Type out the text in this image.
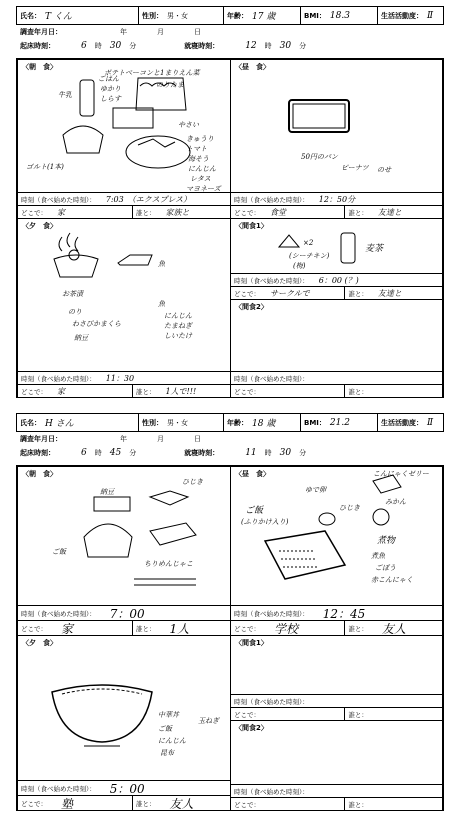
氏名： T くん	性別： 男・女	年齢： 17 歳	BMI： 18.3	生活活動度： Ⅱ
調査年月日：	年	月	日
起床時刻：	6 時 30 分	就寝時刻：	12 時 30 分
〈朝　食〉
ポテトベーコンと1まりえん菜
のりたま
牛乳
ごはん
ゆかり
しらす
やさい
きゅうり
トマト
海そう
にんじん
レタス
マヨネーズ
ゴルト(1本)
時刻（食べ始めた時刻）： 7:03　（エクスプレス）
どこで： 家	誰と： 家族と
〈昼　食〉
50円のパン
ピーナツ のせ
時刻（食べ始めた時刻）： 12：50分
どこで： 食堂	誰と： 友達と
〈夕　食〉
お茶漬
のり
わさびかまくら
納豆
魚
魚
にんじん
たまねぎ
しいたけ
時刻（食べ始めた時刻）： 11：30
どこで： 家	誰と： 1人で!!!
〈間食1〉
×2
(シーチキン)
(梅)
麦茶
時刻（食べ始めた時刻）： 6：00 (？)
どこで： サークルで	誰と： 友達と
〈間食2〉
時刻（食べ始めた時刻）：
どこで：	誰と：
氏名： H さん	性別： 男・女	年齢： 18 歳	BMI： 21.2	生活活動度： Ⅱ
調査年月日：	年	月	日
起床時刻：	6 時 45 分	就寝時刻：	11 時 30 分
〈朝　食〉
納豆
ひじき
ご飯
ちりめんじゃこ
時刻（食べ始めた時刻）： 7：00
どこで： 家	誰と： 1人
〈昼　食〉	こんにゃくゼリー
みかん
ゆで卵
ひじき
ご飯
(ふりかけ入り)
煮物
煮魚
ごぼう
赤こんにゃく
時刻（食べ始めた時刻）： 12：45
どこで： 学校	誰と： 友人
〈夕　食〉
中華丼
ご飯
にんじん
昆布
玉ねぎ
時刻（食べ始めた時刻）： 5：00
どこで： 塾	誰と： 友人
〈間食1〉
時刻（食べ始めた時刻）：
どこで：	誰と：
〈間食2〉
時刻（食べ始めた時刻）：
どこで：	誰と：
